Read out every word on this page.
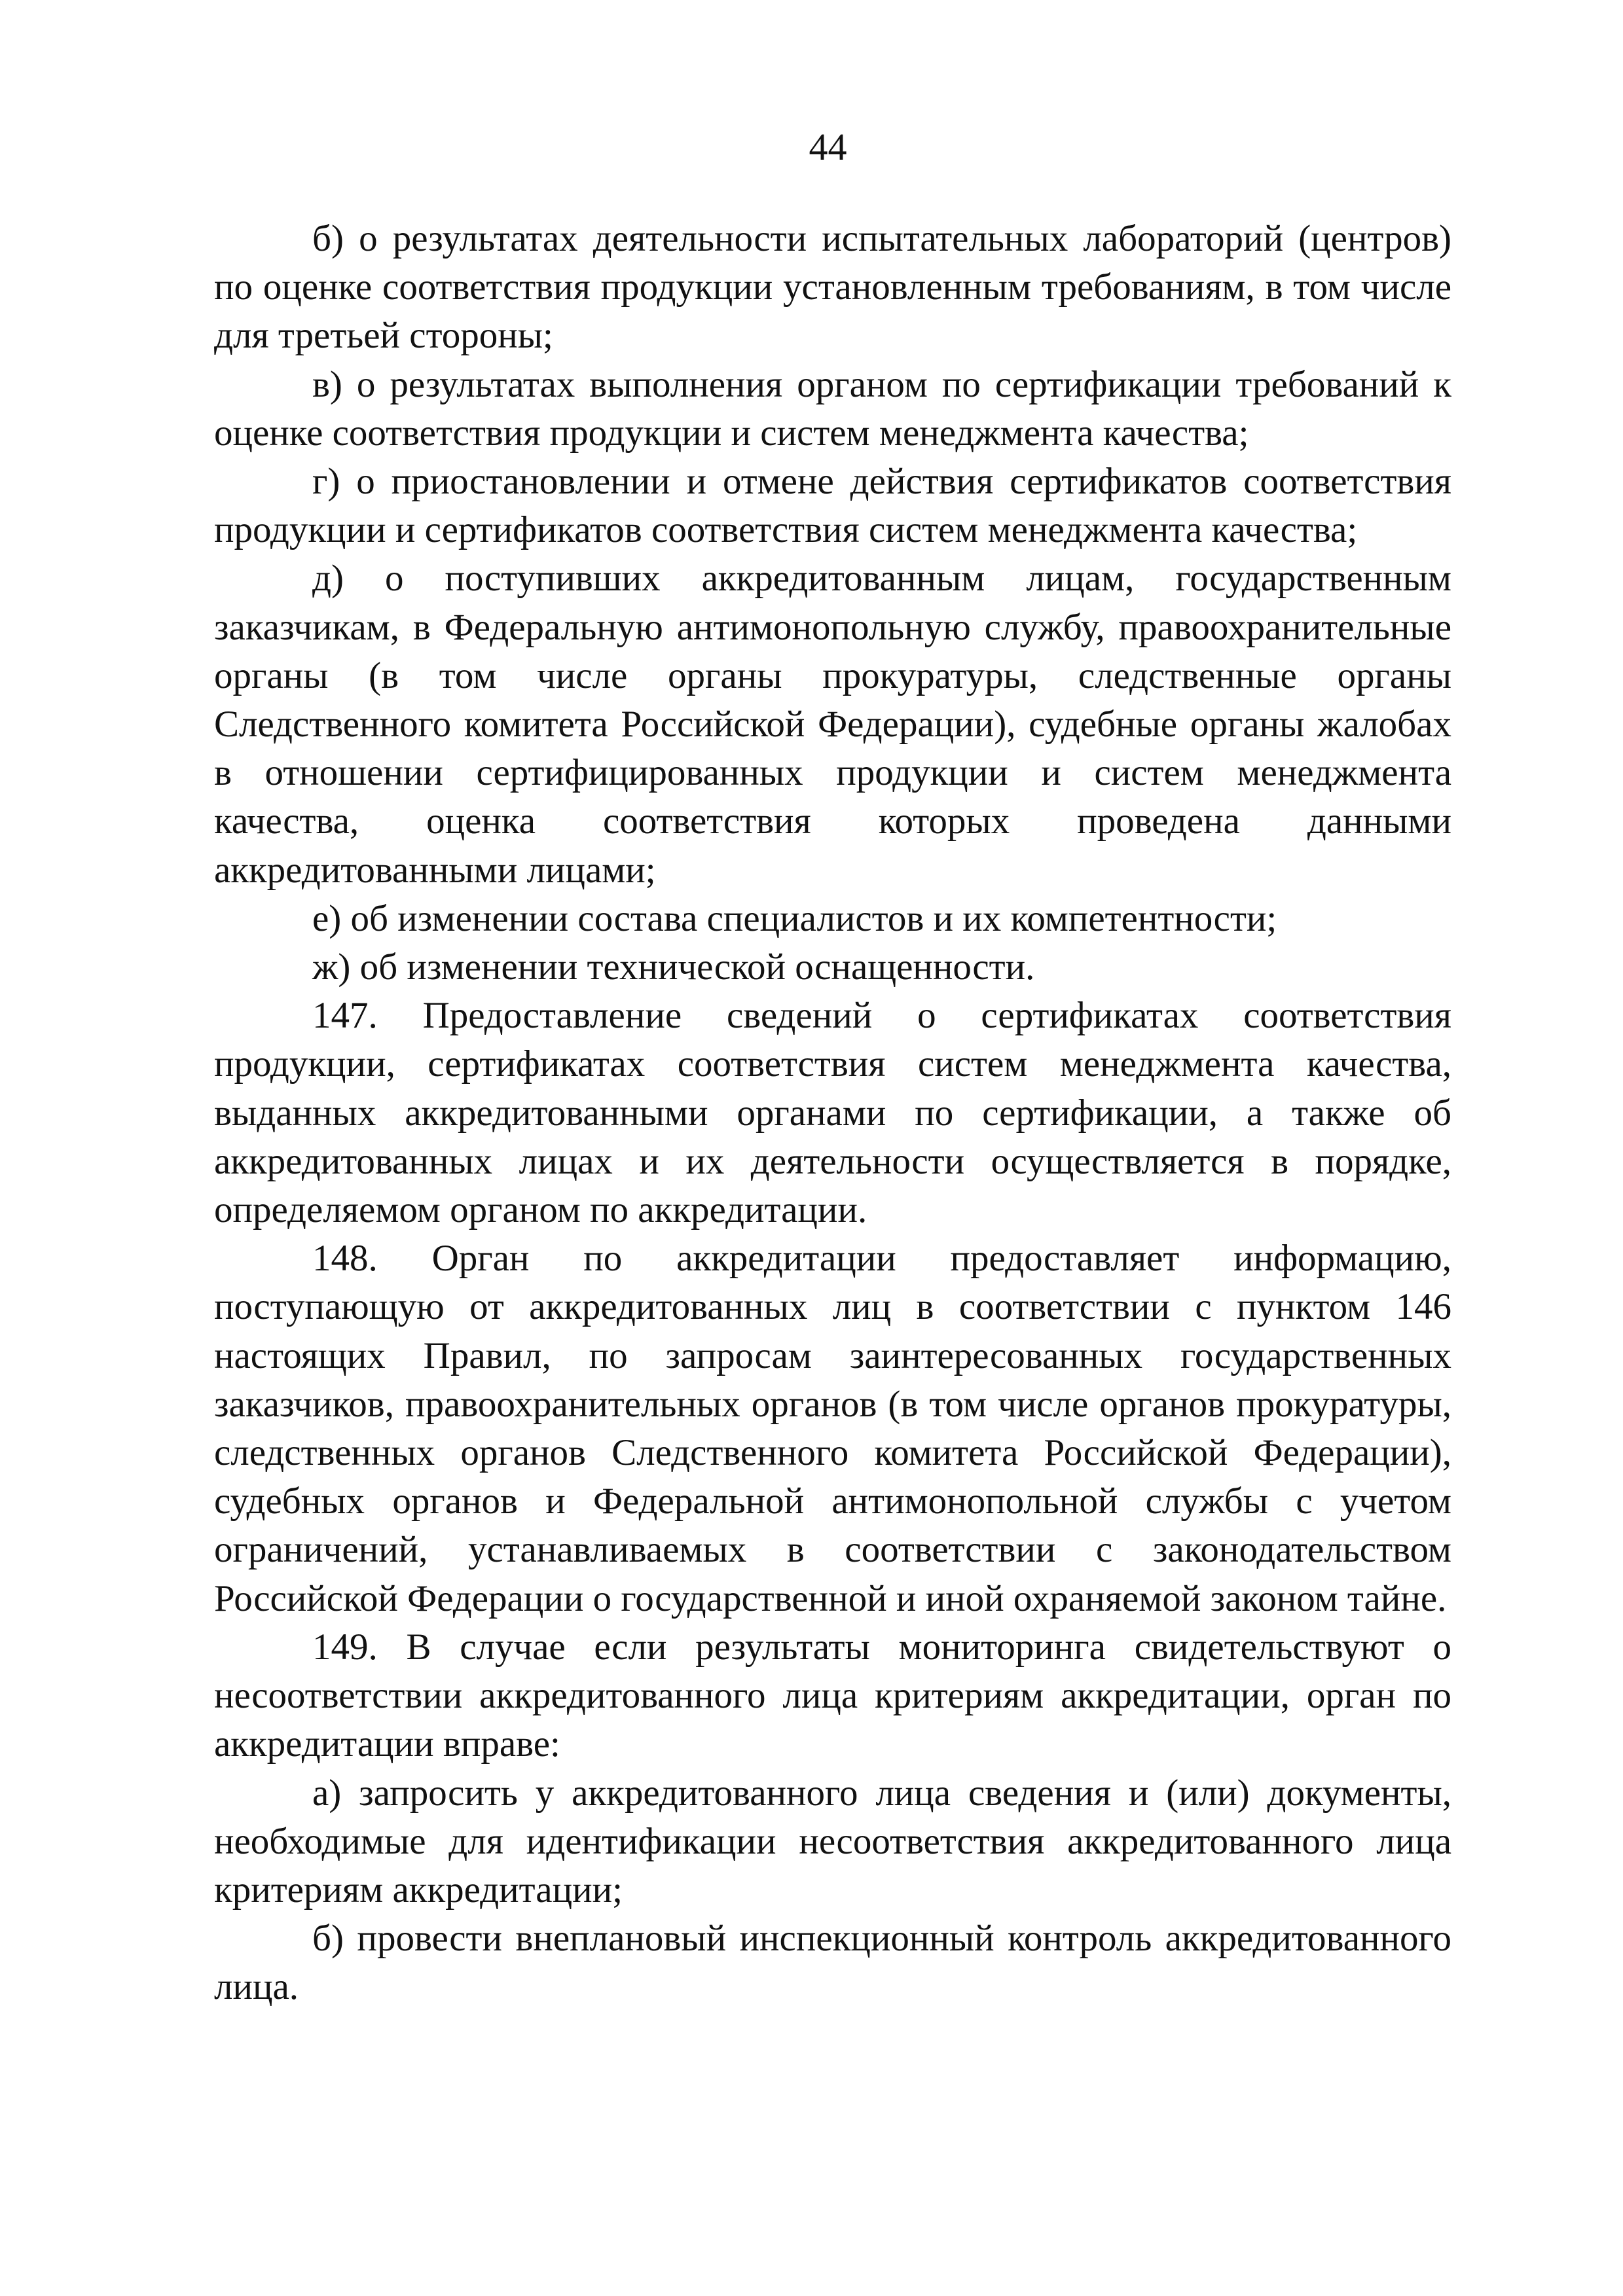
44

б) о результатах деятельности испытательных лабораторий (центров) по оценке соответствия продукции установленным требованиям, в том числе для третьей стороны;

в) о результатах выполнения органом по сертификации требований к оценке соответствия продукции и систем менеджмента качества;

г) о приостановлении и отмене действия сертификатов соответствия продукции и сертификатов соответствия систем менеджмента качества;

д) о поступивших аккредитованным лицам, государственным заказчикам, в Федеральную антимонопольную службу, правоохранительные органы (в том числе органы прокуратуры, следственные органы Следственного комитета Российской Федерации), судебные органы жалобах в отношении сертифицированных продукции и систем менеджмента качества, оценка соответствия которых проведена данными аккредитованными лицами;

е) об изменении состава специалистов и их компетентности;

ж) об изменении технической оснащенности.

147. Предоставление сведений о сертификатах соответствия продукции, сертификатах соответствия систем менеджмента качества, выданных аккредитованными органами по сертификации, а также об аккредитованных лицах и их деятельности осуществляется в порядке, определяемом органом по аккредитации.

148. Орган по аккредитации предоставляет информацию, поступающую от аккредитованных лиц в соответствии с пунктом 146 настоящих Правил, по запросам заинтересованных государственных заказчиков, правоохранительных органов (в том числе органов прокуратуры, следственных органов Следственного комитета Российской Федерации), судебных органов и Федеральной антимонопольной службы с учетом ограничений, устанавливаемых в соответствии с законодательством Российской Федерации о государственной и иной охраняемой законом тайне.

149. В случае если результаты мониторинга свидетельствуют о несоответствии аккредитованного лица критериям аккредитации, орган по аккредитации вправе:

а) запросить у аккредитованного лица сведения и (или) документы, необходимые для идентификации несоответствия аккредитованного лица критериям аккредитации;

б) провести внеплановый инспекционный контроль аккредитованного лица.
